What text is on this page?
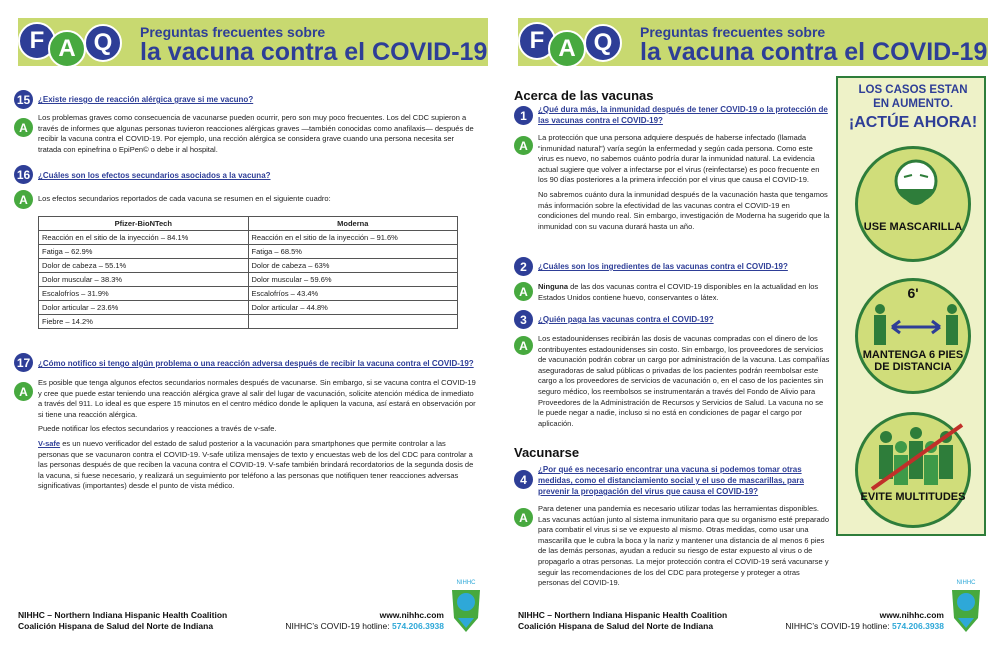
F A Q	Preguntas frecuentes sobre
la vacuna contra el COVID-19
15 ¿Existe riesgo de reacción alérgica grave si me vacuno?
A
Los problemas graves como consecuencia de vacunarse pueden ocurrir, pero son muy poco frecuentes. Los del CDC supieron a través de informes que algunas personas tuvieron reacciones alérgicas graves —también conocidas como anafilaxis— después de recibir la vacuna contra el COVID-19. Por ejemplo, una rección alérgica se considera grave cuando una persona necesita ser tratada con epinefrina o EpiPen© o debe ir al hospital.
16 ¿Cuáles son los efectos secundarios asociados a la vacuna?
A	Los efectos secundarios reportados de cada vacuna se resumen en el siguiente cuadro:
Pfizer-BioNTech	Moderna
Reacción en el sitio de la inyección – 84.1%	Reacción en el sitio de la inyección – 91.6%
Fatiga – 62.9%	Fatiga – 68.5%
Dolor de cabeza – 55.1%	Dolor de cabeza – 63%
Dolor muscular – 38.3%	Dolor muscular – 59.6%
Escalofríos – 31.9%	Escalofríos – 43.4%
Dolor articular – 23.6%	Dolor articular – 44.8%
Fiebre – 14.2%	
17 ¿Cómo notifico si tengo algún problema o una reacción adversa después de recibir la vacuna contra el COVID-19?
A

Es posible que tenga algunos efectos secundarios normales después de vacunarse. Sin embargo, si se vacuna contra el COVID-19 y cree que puede estar teniendo una reacción alérgica grave al salir del lugar de vacunación, solicite atención médica de inmediato a través del 911. Lo ideal es que espere 15 minutos en el centro médico donde le apliquen la vacuna, así estará en observación por si tiene una reacción alérgica.

Puede notificar los efectos secundarios y reacciones a través de v-safe.

V-safe es un nuevo verificador del estado de salud posterior a la vacunación para smartphones que permite controlar a las personas que se vacunaron contra el COVID-19. V-safe utiliza mensajes de texto y encuestas web de los del CDC para controlar a las personas después de que reciben la vacuna contra el COVID-19. V-safe también brindará recordatorios de la segunda dosis de la vacuna, si fuese necesario, y realizará un seguimiento por teléfono a las personas que notifiquen tener reacciones adversas significativas (importantes) desde el punto de vista médico.

NIHHC – Northern Indiana Hispanic Health Coalition
Coalición Hispana de Salud del Norte de Indiana
www.nihhc.com
NIHHC’s COVID-19 hotline: 574.206.3938
NIHHC
F A Q	Preguntas frecuentes sobre
la vacuna contra el COVID-19
Acerca de las vacunas
1	¿Qué dura más, la inmunidad después de tener COVID-19 o la protección de las vacunas contra el COVID-19?
A

La protección que una persona adquiere después de haberse infectado (llamada “inmunidad natural”) varía según la enfermedad y según cada persona. Como este virus es nuevo, no sabemos cuánto podría durar la inmunidad natural. La evidencia actual sugiere que volver a infectarse por el virus (reinfectarse) es poco frecuente en los 90 días posteriores a la primera infección por el virus que causa el COVID-19.

No sabremos cuánto dura la inmunidad después de la vacunación hasta que tengamos más información sobre la efectividad de las vacunas contra el COVID-19 en condiciones del mundo real. Sin embargo, investigación de Moderna ha sugerido que la inmunidad con su vacuna durará hasta un año.

2	¿Cuáles son los ingredientes de las vacunas contra el COVID-19?
A	Ninguna de las dos vacunas contra el COVID-19 disponibles en la actualidad en los Estados Unidos contiene huevo, conservantes o látex.
3	¿Quién paga las vacunas contra el COVID-19?
A	Los estadounidenses recibirán las dosis de vacunas compradas con el dinero de los contribuyentes estadounidenses sin costo. Sin embargo, los proveedores de servicios de vacunación podrán cobrar un cargo por administración de la vacuna. Las compañías aseguradoras de salud públicas o privadas de los pacientes podrán reembolsar este cargo a los proveedores de servicios de vacunación o, en el caso de los pacientes sin seguro médico, los reembolsos se instrumentarán a través del Fondo de Alivio para Proveedores de la Administración de Recursos y Servicios de Salud. La vacuna no se le puede negar a nadie, incluso si no está en condiciones de pagar el cargo por aplicación.
Vacunarse
4
¿Por qué es necesario encontrar una vacuna si podemos tomar otras medidas, como el distanciamiento social y el uso de mascarillas, para prevenir la propagación del virus que causa el COVID-19?
A
Para detener una pandemia es necesario utilizar todas las herramientas disponibles. Las vacunas actúan junto al sistema inmunitario para que su organismo esté preparado para combatir el virus si se ve expuesto al mismo. Otras medidas, como usar una mascarilla que le cubra la boca y la nariz y mantener una distancia de al menos 6 pies de las demás personas, ayudan a reducir su riesgo de estar expuesto al virus o de propagarlo a otras personas. La mejor protección contra el COVID-19 será vacunarse y seguir las recomendaciones de los del CDC para protegerse y proteger a otras personas del COVID-19.
LOS CASOS ESTAN
EN AUMENTO.
¡ACTÚE AHORA!
USE MASCARILLA
6'
MANTENGA 6 PIES DE DISTANCIA
EVITE MULTITUDES
NIHHC – Northern Indiana Hispanic Health Coalition
Coalición Hispana de Salud del Norte de Indiana
www.nihhc.com
NIHHC’s COVID-19 hotline: 574.206.3938
NIHHC
